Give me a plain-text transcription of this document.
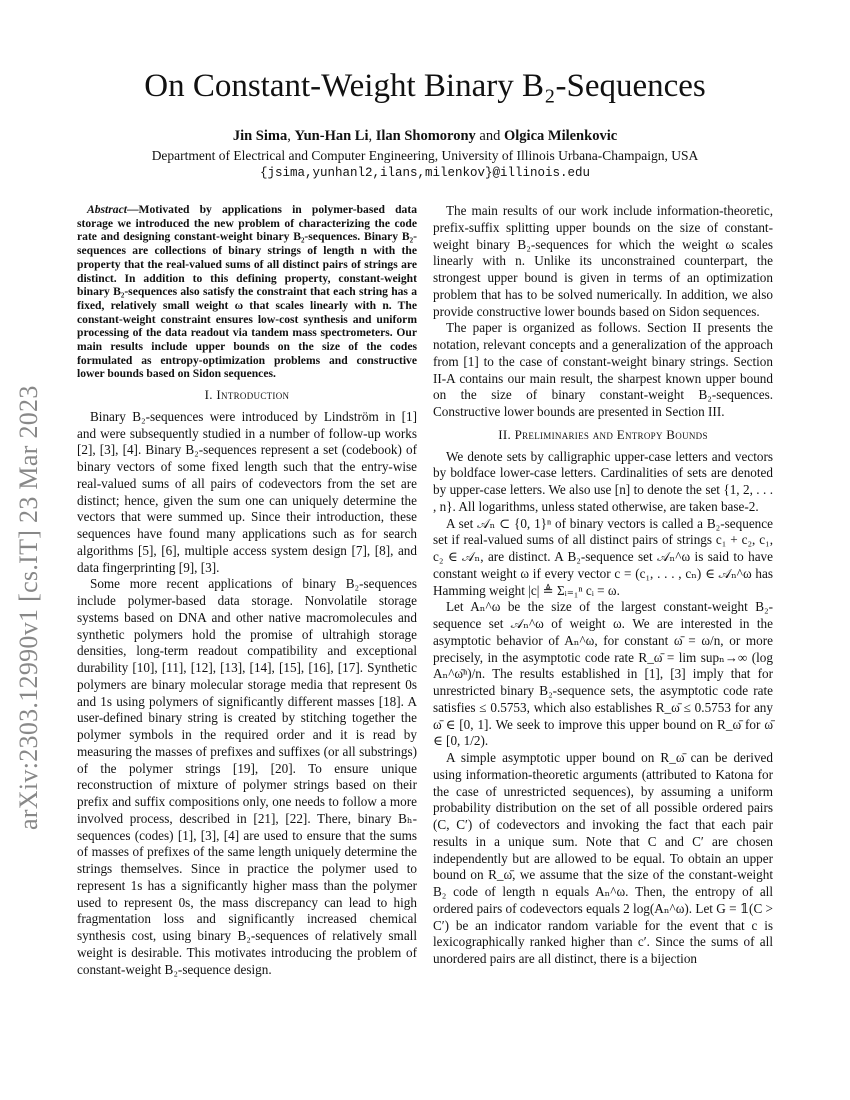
arXiv:2303.12990v1 [cs.IT] 23 Mar 2023
On Constant-Weight Binary B₂-Sequences
Jin Sima, Yun-Han Li, Ilan Shomorony and Olgica Milenkovic
Department of Electrical and Computer Engineering, University of Illinois Urbana-Champaign, USA
{jsima,yunhanl2,ilans,milenkov}@illinois.edu
Abstract—Motivated by applications in polymer-based data storage we introduced the new problem of characterizing the code rate and designing constant-weight binary B₂-sequences. Binary B₂-sequences are collections of binary strings of length n with the property that the real-valued sums of all distinct pairs of strings are distinct. In addition to this defining property, constant-weight binary B₂-sequences also satisfy the constraint that each string has a fixed, relatively small weight ω that scales linearly with n. The constant-weight constraint ensures low-cost synthesis and uniform processing of the data readout via tandem mass spectrometers. Our main results include upper bounds on the size of the codes formulated as entropy-optimization problems and constructive lower bounds based on Sidon sequences.
I. Introduction

Binary B₂-sequences were introduced by Lindström in [1] and were subsequently studied in a number of follow-up works [2], [3], [4]. Binary B₂-sequences represent a set (codebook) of binary vectors of some fixed length such that the entry-wise real-valued sums of all pairs of codevectors from the set are distinct; hence, given the sum one can uniquely determine the vectors that were summed up. Since their introduction, these sequences have found many applications such as for search algorithms [5], [6], multiple access system design [7], [8], and data fingerprinting [9], [3].

Some more recent applications of binary B₂-sequences include polymer-based data storage. Nonvolatile storage systems based on DNA and other native macromolecules and synthetic polymers hold the promise of ultrahigh storage densities, long-term readout compatibility and exceptional durability [10], [11], [12], [13], [14], [15], [16], [17]. Synthetic polymers are binary molecular storage media that represent 0s and 1s using polymers of significantly different masses [18]. A user-defined binary string is created by stitching together the polymer symbols in the required order and it is read by measuring the masses of prefixes and suffixes (or all substrings) of the polymer strings [19], [20]. To ensure unique reconstruction of mixture of polymer strings based on their prefix and suffix compositions only, one needs to follow a more involved process, described in [21], [22]. There, binary Bₕ-sequences (codes) [1], [3], [4] are used to ensure that the sums of masses of prefixes of the same length uniquely determine the strings themselves. Since in practice the polymer used to represent 1s has a significantly higher mass than the polymer used to represent 0s, the mass discrepancy can lead to high fragmentation loss and significantly increased chemical synthesis cost, using binary B₂-sequences of relatively small weight is desirable. This motivates introducing the problem of constant-weight B₂-sequence design.

The main results of our work include information-theoretic, prefix-suffix splitting upper bounds on the size of constant-weight binary B₂-sequences for which the weight ω scales linearly with n. Unlike its unconstrained counterpart, the strongest upper bound is given in terms of an optimization problem that has to be solved numerically. In addition, we also provide constructive lower bounds based on Sidon sequences.

The paper is organized as follows. Section II presents the notation, relevant concepts and a generalization of the approach from [1] to the case of constant-weight binary strings. Section II-A contains our main result, the sharpest known upper bound on the size of binary constant-weight B₂-sequences. Constructive lower bounds are presented in Section III.

II. Preliminaries and Entropy Bounds

We denote sets by calligraphic upper-case letters and vectors by boldface lower-case letters. Cardinalities of sets are denoted by upper-case letters. We also use [n] to denote the set {1, 2, . . . , n}. All logarithms, unless stated otherwise, are taken base-2.

A set 𝒜ₙ ⊂ {0, 1}ⁿ of binary vectors is called a B₂-sequence set if real-valued sums of all distinct pairs of strings c₁ + c₂, c₁, c₂ ∈ 𝒜ₙ, are distinct. A B₂-sequence set 𝒜ₙ^ω is said to have constant weight ω if every vector c = (c₁, . . . , cₙ) ∈ 𝒜ₙ^ω has Hamming weight |c| ≜ Σᵢ₌₁ⁿ cᵢ = ω.

Let Aₙ^ω be the size of the largest constant-weight B₂-sequence set 𝒜ₙ^ω of weight ω. We are interested in the asymptotic behavior of Aₙ^ω, for constant ω̄ = ω/n, or more precisely, in the asymptotic code rate R_ω̄ = lim supₙ→∞ (log Aₙ^ω̄ⁿ)/n. The results established in [1], [3] imply that for unrestricted binary B₂-sequence sets, the asymptotic code rate satisfies ≤ 0.5753, which also establishes R_ω̄ ≤ 0.5753 for any ω̄ ∈ [0, 1]. We seek to improve this upper bound on R_ω̄ for ω̄ ∈ [0, 1/2).

A simple asymptotic upper bound on R_ω̄ can be derived using information-theoretic arguments (attributed to Katona for the case of unrestricted sequences), by assuming a uniform probability distribution on the set of all possible ordered pairs (C, C′) of codevectors and invoking the fact that each pair results in a unique sum. Note that C and C′ are chosen independently but are allowed to be equal. To obtain an upper bound on R_ω̄, we assume that the size of the constant-weight B₂ code of length n equals Aₙ^ω. Then, the entropy of all ordered pairs of codevectors equals 2 log(Aₙ^ω). Let G = 𝟙(C > C′) be an indicator random variable for the event that c is lexicographically ranked higher than c′. Since the sums of all unordered pairs are all distinct, there is a bijection
